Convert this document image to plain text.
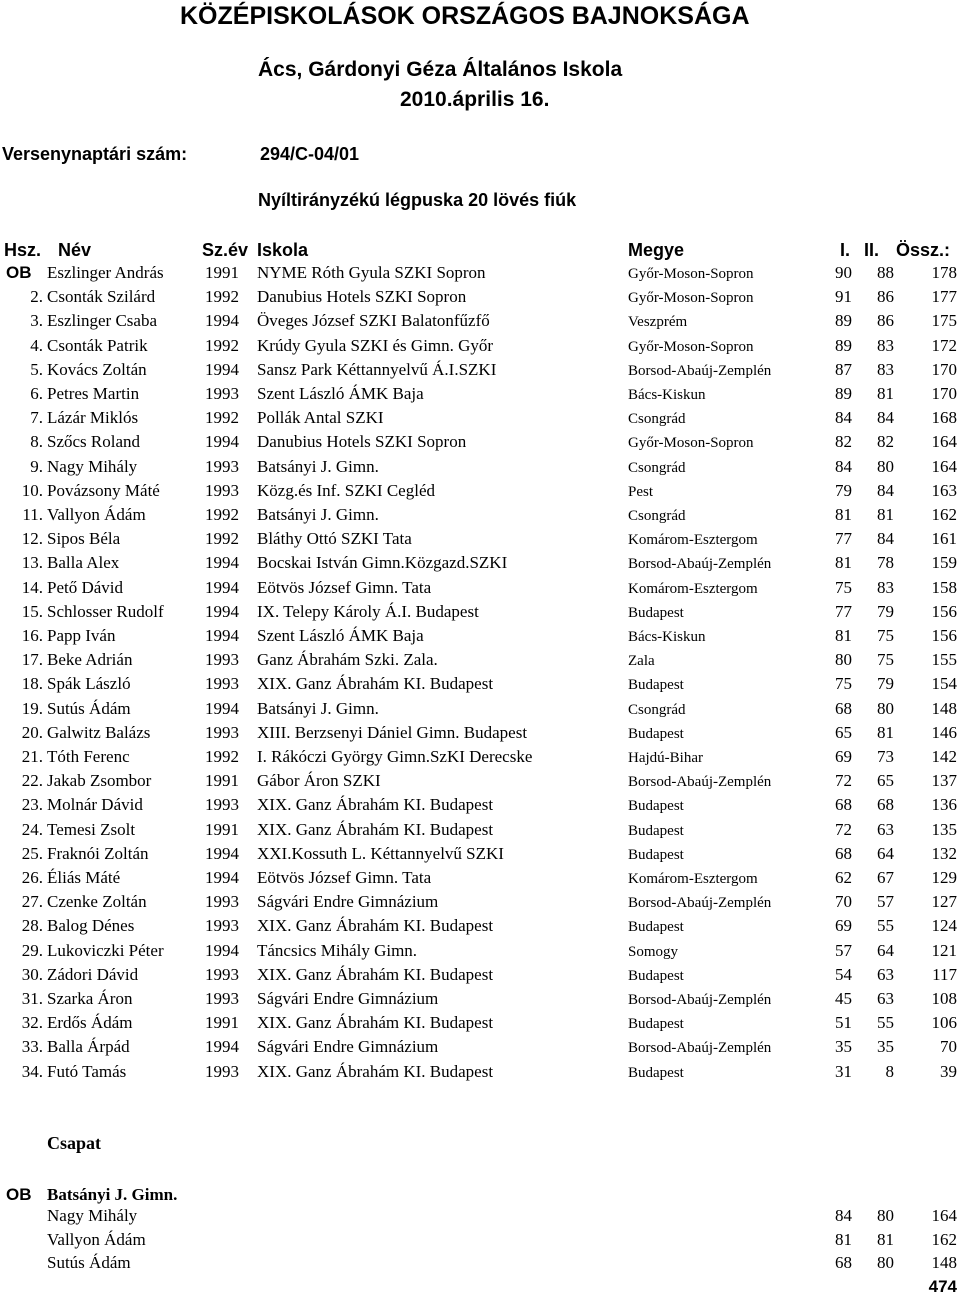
KÖZÉPISKOLÁSOK ORSZÁGOS BAJNOKSÁGA
Ács, Gárdonyi Géza Általános Iskola
2010.április 16.
Versenynaptári szám:	294/C-04/01
Nyíltirányzékú légpuska 20 lövés fiúk
Hsz. Név	Sz.év Iskola	Megye	I. II. Össz.:
OB Eszlinger András 1991 NYME Róth Gyula SZKI Sopron	Győr-Moson-Sopron	90	88	178
2. Csonták Szilárd	1992 Danubius Hotels SZKI Sopron	Győr-Moson-Sopron	91	86	177
3. Eszlinger Csaba	1994 Öveges József SZKI Balatonfűzfő	Veszprém	89	86	175
4. Csonták Patrik	1992 Krúdy Gyula SZKI és Gimn. Győr	Győr-Moson-Sopron	89	83	172
5. Kovács Zoltán	1994 Sansz Park Kéttannyelvű Á.I.SZKI	Borsod-Abaúj-Zemplén	87	83	170
6. Petres Martin	1993 Szent László ÁMK Baja	Bács-Kiskun	89	81	170
7. Lázár Miklós	1992 Pollák Antal SZKI	Csongrád	84	84	168
8. Szőcs Roland	1994 Danubius Hotels SZKI Sopron	Győr-Moson-Sopron	82	82	164
9. Nagy Mihály	1993 Batsányi J. Gimn.	Csongrád	84	80	164
10. Povázsony Máté	1993 Közg.és Inf. SZKI Cegléd	Pest	79	84	163
11. Vallyon Ádám	1992 Batsányi J. Gimn.	Csongrád	81	81	162
12. Sipos Béla	1992 Bláthy Ottó SZKI Tata	Komárom-Esztergom	77	84	161
13. Balla Alex	1994 Bocskai István Gimn.Közgazd.SZKI	Borsod-Abaúj-Zemplén	81	78	159
14. Pető Dávid	1994 Eötvös József Gimn. Tata	Komárom-Esztergom	75	83	158
15. Schlosser Rudolf 1994 IX. Telepy Károly Á.I. Budapest	Budapest	77	79	156
16. Papp Iván	1994 Szent László ÁMK Baja	Bács-Kiskun	81	75	156
17. Beke Adrián	1993 Ganz Ábrahám Szki. Zala.	Zala	80	75	155
18. Spák László	1993 XIX. Ganz Ábrahám KI. Budapest	Budapest	75	79	154
19. Sutús Ádám	1994 Batsányi J. Gimn.	Csongrád	68	80	148
20. Galwitz Balázs	1993 XIII. Berzsenyi Dániel Gimn. Budapest	Budapest	65	81	146
21. Tóth Ferenc	1992 I. Rákóczi György Gimn.SzKI Derecske	Hajdú-Bihar	69	73	142
22. Jakab Zsombor	1991 Gábor Áron SZKI	Borsod-Abaúj-Zemplén	72	65	137
23. Molnár Dávid	1993 XIX. Ganz Ábrahám KI. Budapest	Budapest	68	68	136
24. Temesi Zsolt	1991 XIX. Ganz Ábrahám KI. Budapest	Budapest	72	63	135
25. Fraknói Zoltán	1994 XXI.Kossuth L. Kéttannyelvű SZKI	Budapest	68	64	132
26. Éliás Máté	1994 Eötvös József Gimn. Tata	Komárom-Esztergom	62	67	129
27. Czenke Zoltán	1993 Ságvári Endre Gimnázium	Borsod-Abaúj-Zemplén	70	57	127
28. Balog Dénes	1993 XIX. Ganz Ábrahám KI. Budapest	Budapest	69	55	124
29. Lukoviczki Péter 1994 Táncsics Mihály Gimn.	Somogy	57	64	121
30. Zádori Dávid	1993 XIX. Ganz Ábrahám KI. Budapest	Budapest	54	63	117
31. Szarka Áron	1993 Ságvári Endre Gimnázium	Borsod-Abaúj-Zemplén	45	63	108
32. Erdős Ádám	1991 XIX. Ganz Ábrahám KI. Budapest	Budapest	51	55	106
33. Balla Árpád	1994 Ságvári Endre Gimnázium	Borsod-Abaúj-Zemplén	35	35	70
34. Futó Tamás	1993 XIX. Ganz Ábrahám KI. Budapest	Budapest	31	8	39
Csapat
OB Batsányi J. Gimn.
Nagy Mihály	84	80	164
Vallyon Ádám	81	81	162
Sutús Ádám	68	80	148
474
